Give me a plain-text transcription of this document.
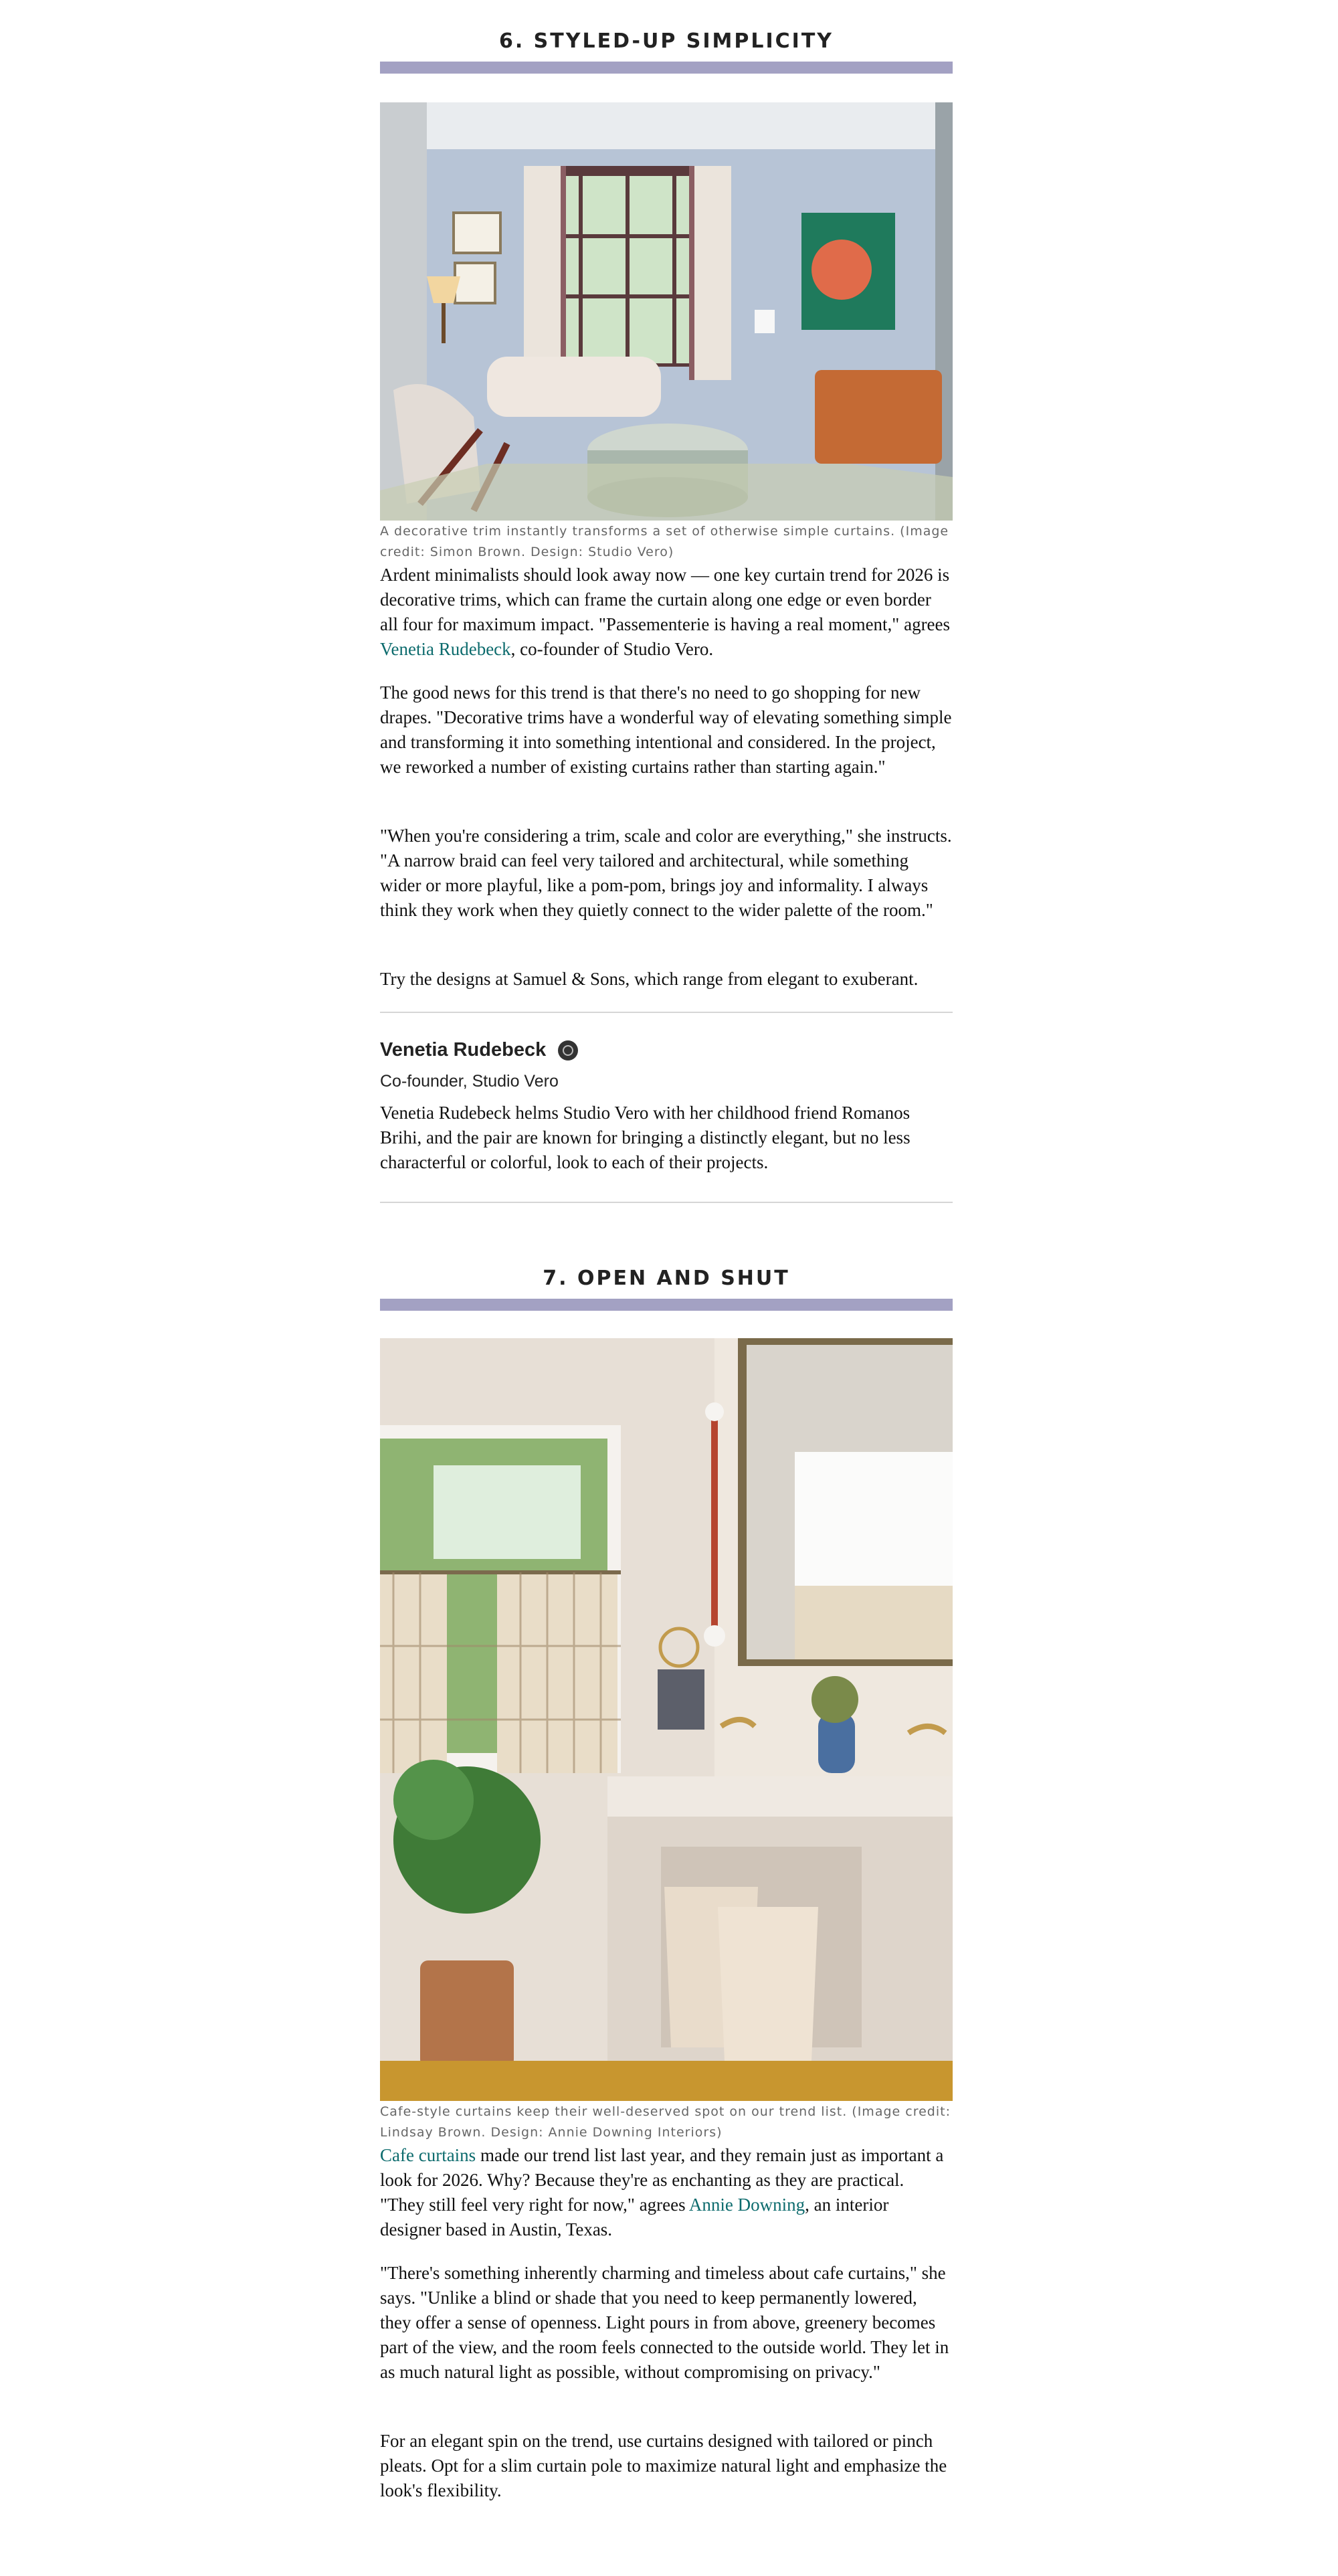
6. STYLED-UP SIMPLICITY

A decorative trim instantly transforms a set of otherwise simple curtains. (Image credit: Simon Brown. Design: Studio Vero)

Ardent minimalists should look away now — one key curtain trend for 2026 is decorative trims, which can frame the curtain along one edge or even border all four for maximum impact. "Passementerie is having a real moment," agrees Venetia Rudebeck, co-founder of Studio Vero.

The good news for this trend is that there's no need to go shopping for new drapes. "Decorative trims have a wonderful way of elevating something simple and transforming it into something intentional and considered. In the project, we reworked a number of existing curtains rather than starting again."

"When you're considering a trim, scale and color are everything," she instructs. "A narrow braid can feel very tailored and architectural, while something wider or more playful, like a pom-pom, brings joy and informality. I always think they work when they quietly connect to the wider palette of the room."

Try the designs at Samuel & Sons, which range from elegant to exuberant.

Venetia Rudebeck
Co-founder, Studio Vero

Venetia Rudebeck helms Studio Vero with her childhood friend Romanos Brihi, and the pair are known for bringing a distinctly elegant, but no less characterful or colorful, look to each of their projects.

7. OPEN AND SHUT

Cafe-style curtains keep their well-deserved spot on our trend list. (Image credit: Lindsay Brown. Design: Annie Downing Interiors)

Cafe curtains made our trend list last year, and they remain just as important a look for 2026. Why? Because they're as enchanting as they are practical. "They still feel very right for now," agrees Annie Downing, an interior designer based in Austin, Texas.

"There's something inherently charming and timeless about cafe curtains," she says. "Unlike a blind or shade that you need to keep permanently lowered, they offer a sense of openness. Light pours in from above, greenery becomes part of the view, and the room feels connected to the outside world. They let in as much natural light as possible, without compromising on privacy."

For an elegant spin on the trend, use curtains designed with tailored or pinch pleats. Opt for a slim curtain pole to maximize natural light and emphasize the look's flexibility.
